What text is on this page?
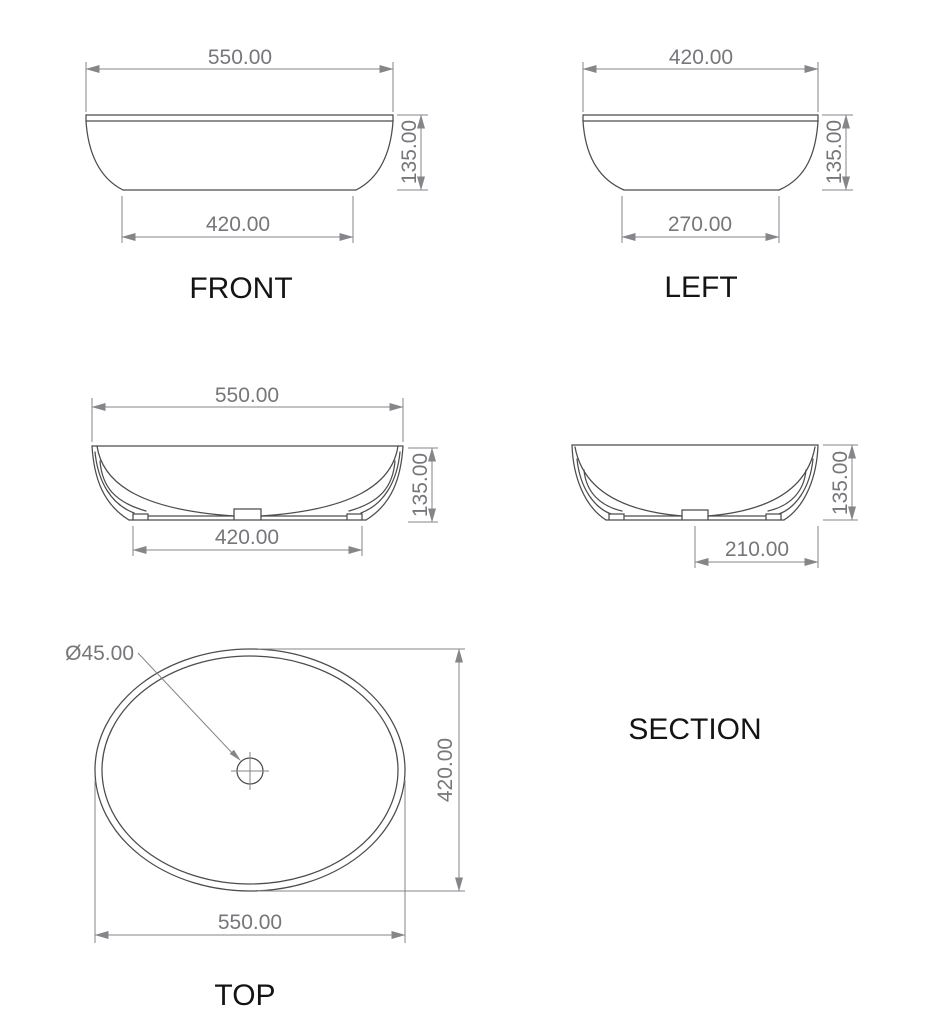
550.00
420.00
135.00
FRONT
420.00
270.00
135.00
LEFT
550.00
135.00
420.00
135.00
210.00
SECTION
Ø45.00
420.00
550.00
TOP
